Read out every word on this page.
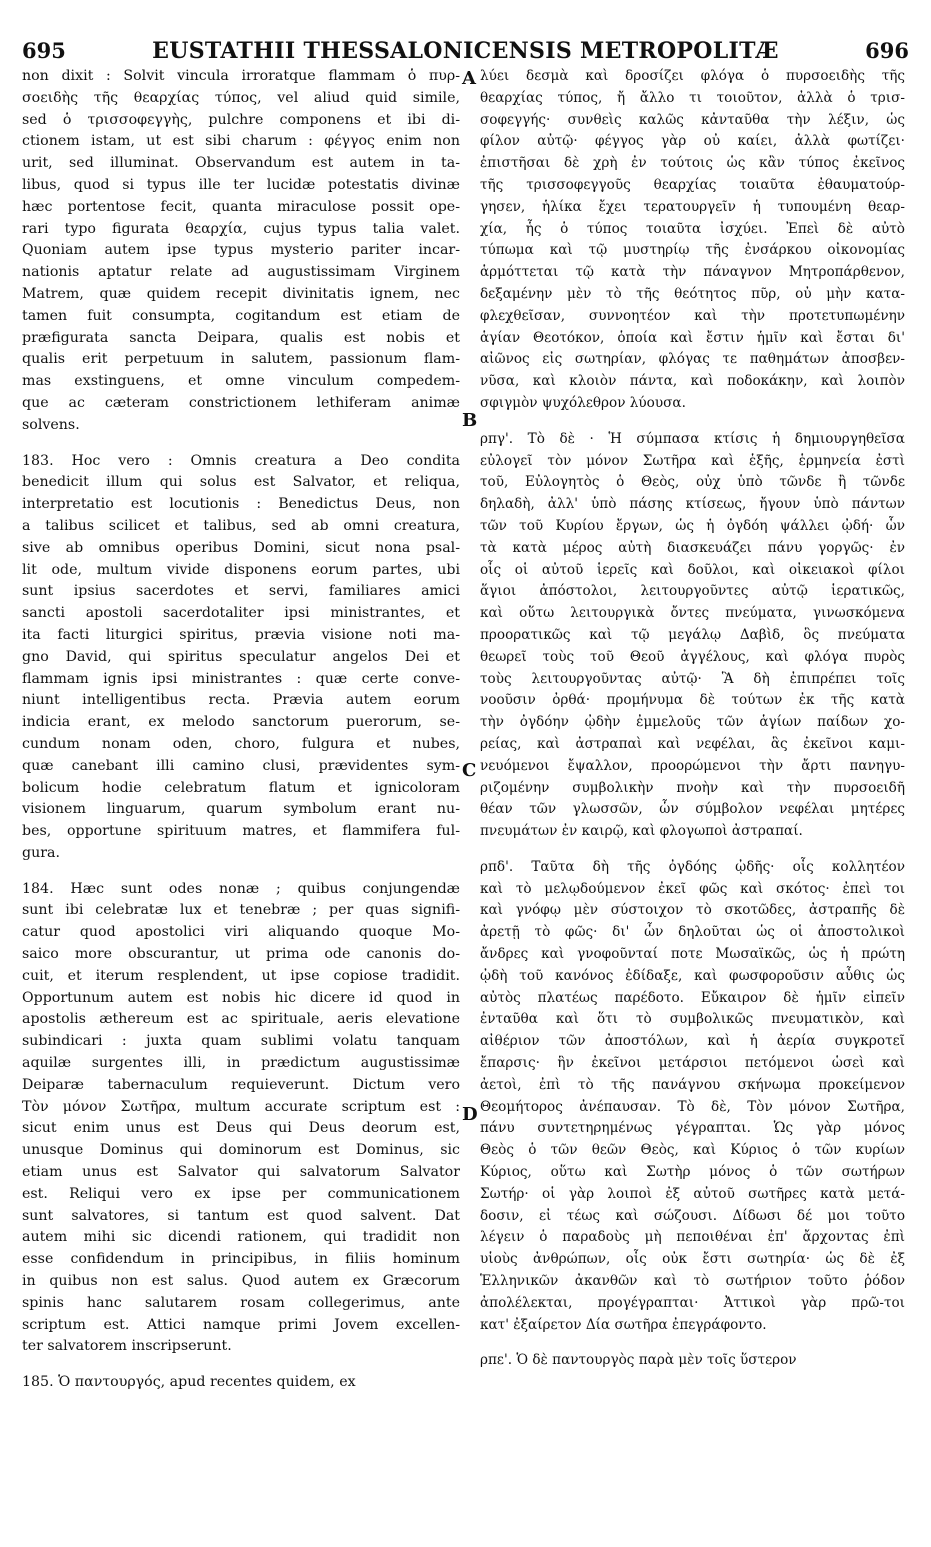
695	EUSTATHII THESSALONICENSIS METROPOLITÆ	696
non dixit : Solvit vincula irroratque flammam ὁ πυρ-
σοειδὴς τῆς θεαρχίας τύπος, vel aliud quid simile,
sed ὁ τρισσοφεγγὴς, pulchre componens et ibi di-
ctionem istam, ut est sibi charum : φέγγος enim non
urit, sed illuminat. Observandum est autem in ta-
libus, quod si typus ille ter lucidæ potestatis divinæ
hæc portentose fecit, quanta miraculose possit ope-
rari typo figurata θεαρχία, cujus typus talia valet.
Quoniam autem ipse typus mysterio pariter incar-
nationis aptatur relate ad augustissimam Virginem
Matrem, quæ quidem recepit divinitatis ignem, nec
tamen fuit consumpta, cogitandum est etiam de
præfigurata sancta Deipara, qualis est nobis et
qualis erit perpetuum in salutem, passionum flam-
mas exstinguens, et omne vinculum compedem-
que ac cæteram constrictionem lethiferam animæ
solvens.
183. Hoc vero : Omnis creatura a Deo condita
benedicit illum qui solus est Salvator, et reliqua,
interpretatio est locutionis : Benedictus Deus, non
a talibus scilicet et talibus, sed ab omni creatura,
sive ab omnibus operibus Domini, sicut nona psal-
lit ode, multum vivide disponens eorum partes, ubi
sunt ipsius sacerdotes et servi, familiares amici
sancti apostoli sacerdotaliter ipsi ministrantes, et
ita facti liturgici spiritus, prævia visione noti ma-
gno David, qui spiritus speculatur angelos Dei et
flammam ignis ipsi ministrantes : quæ certe conve-
niunt intelligentibus recta. Prævia autem eorum
indicia erant, ex melodo sanctorum puerorum, se-
cundum nonam oden, choro, fulgura et nubes,
quæ canebant illi camino clusi, prævidentes sym-
bolicum hodie celebratum flatum et ignicoloram
visionem linguarum, quarum symbolum erant nu-
bes, opportune spirituum matres, et flammifera ful-
gura.
184. Hæc sunt odes nonæ ; quibus conjungendæ
sunt ibi celebratæ lux et tenebræ ; per quas signifi-
catur quod apostolici viri aliquando quoque Mo-
saico more obscurantur, ut prima ode canonis do-
cuit, et iterum resplendent, ut ipse copiose tradidit.
Opportunum autem est nobis hic dicere id quod in
apostolis æthereum est ac spirituale, aeris elevatione
subindicari : juxta quam sublimi volatu tanquam
aquilæ surgentes illi, in prædictum augustissimæ
Deiparæ tabernaculum requieverunt. Dictum vero
Τὸν μόνον Σωτῆρα, multum accurate scriptum est :
sicut enim unus est Deus qui Deus deorum est,
unusque Dominus qui dominorum est Dominus, sic
etiam unus est Salvator qui salvatorum Salvator
est. Reliqui vero ex ipse per communicationem
sunt salvatores, si tantum est quod salvent. Dat
autem mihi sic dicendi rationem, qui tradidit non
esse confidendum in principibus, in filiis hominum
in quibus non est salus. Quod autem ex Græcorum
spinis hanc salutarem rosam collegerimus, ante
scriptum est. Attici namque primi Jovem excellen-
ter salvatorem inscripserunt.
185. Ὁ παντουργός, apud recentes quidem, ex
λύει δεσμὰ καὶ δροσίζει φλόγα ὁ πυρσοειδὴς τῆς
θεαρχίας τύπος, ἤ ἄλλο τι τοιοῦτον, ἀλλὰ ὁ τρισ-
σοφεγγής· συνθεὶς καλῶς κἀνταῦθα τὴν λέξιν, ὡς
φίλον αὐτῷ· φέγγος γὰρ οὐ καίει, ἀλλὰ φωτίζει·
ἐπιστῆσαι δὲ χρὴ ἐν τούτοις ὡς κἂν τύπος ἐκεῖνος
τῆς τρισσοφεγγοῦς θεαρχίας τοιαῦτα ἐθαυματούρ-
γησεν, ἡλίκα ἔχει τερατουργεῖν ἡ τυπουμένη θεαρ-
χία, ἧς ὁ τύπος τοιαῦτα ἰσχύει. Ἐπεὶ δὲ αὐτὸ
τύπωμα καὶ τῷ μυστηρίῳ τῆς ἐνσάρκου οἰκονομίας
ἁρμόττεται τῷ κατὰ τὴν πάναγνον Μητροπάρθενον,
δεξαμένην μὲν τὸ τῆς θεότητος πῦρ, οὐ μὴν κατα-
φλεχθεῖσαν, συννοητέον καὶ τὴν προτετυπωμένην
ἁγίαν Θεοτόκον, ὁποία καὶ ἔστιν ἡμῖν καὶ ἔσται δι'
αἰῶνος εἰς σωτηρίαν, φλόγας τε παθημάτων ἀποσβεν-
νῦσα, καὶ κλοιὸν πάντα, καὶ ποδοκάκην, καὶ λοιπὸν
σφιγμὸν ψυχόλεθρον λύουσα.
ρπγ'. Τὸ δὲ · Ἡ σύμπασα κτίσις ἡ δημιουργηθεῖσα
εὐλογεῖ τὸν μόνον Σωτῆρα καὶ ἑξῆς, ἑρμηνεία ἐστὶ
τοῦ, Εὐλογητὸς ὁ Θεὸς, οὐχ ὑπὸ τῶνδε ἢ τῶνδε
δηλαδὴ, ἀλλ' ὑπὸ πάσης κτίσεως, ἤγουν ὑπὸ πάντων
τῶν τοῦ Κυρίου ἔργων, ὡς ἡ ὀγδόη ψάλλει ᾠδή· ὧν
τὰ κατὰ μέρος αὐτὴ διασκευάζει πάνυ γοργῶς· ἐν
οἷς οἱ αὐτοῦ ἱερεῖς καὶ δοῦλοι, καὶ οἰκειακοὶ φίλοι
ἅγιοι ἀπόστολοι, λειτουργοῦντες αὐτῷ ἱερατικῶς,
καὶ οὕτω λειτουργικὰ ὄντες πνεύματα, γινωσκόμενα
προορατικῶς καὶ τῷ μεγάλῳ Δαβὶδ, ὃς πνεύματα
θεωρεῖ τοὺς τοῦ Θεοῦ ἀγγέλους, καὶ φλόγα πυρὸς
τοὺς λειτουργοῦντας αὐτῷ· Ἃ δὴ ἐπιπρέπει τοῖς
νοοῦσιν ὀρθά· προμήνυμα δὲ τούτων ἐκ τῆς κατὰ
τὴν ὀγδόην ᾠδὴν ἐμμελοῦς τῶν ἁγίων παίδων χο-
ρείας, καὶ ἀστραπαὶ καὶ νεφέλαι, ἃς ἐκεῖνοι καμι-
νευόμενοι ἔψαλλον, προορώμενοι τὴν ἄρτι πανηγυ-
ριζομένην συμβολικὴν πνοὴν καὶ τὴν πυρσοειδῆ
θέαν τῶν γλωσσῶν, ὧν σύμβολον νεφέλαι μητέρες
πνευμάτων ἐν καιρῷ, καὶ φλογωποὶ ἀστραπαί.
ρπδ'. Ταῦτα δὴ τῆς ὀγδόης ᾠδῆς· οἷς κολλητέον
καὶ τὸ μελῳδούμενον ἐκεῖ φῶς καὶ σκότος· ἐπεὶ τοι
καὶ γνόφῳ μὲν σύστοιχον τὸ σκοτῶδες, ἀστραπῆς δὲ
ἀρετῇ τὸ φῶς· δι' ὧν δηλοῦται ὡς οἱ ἀποστολικοὶ
ἄνδρες καὶ γνοφοῦνταί ποτε Μωσαϊκῶς, ὡς ἡ πρώτη
ᾠδὴ τοῦ κανόνος ἐδίδαξε, καὶ φωσφοροῦσιν αὖθις ὡς
αὐτὸς πλατέως παρέδοτο. Εὔκαιρον δὲ ἡμῖν εἰπεῖν
ἐνταῦθα καὶ ὅτι τὸ συμβολικῶς πνευματικὸν, καὶ
αἰθέριον τῶν ἀποστόλων, καὶ ἡ ἀερία συγκροτεῖ
ἔπαρσις· ἣν ἐκεῖνοι μετάρσιοι πετόμενοι ὡσεὶ καὶ
ἀετοὶ, ἐπὶ τὸ τῆς πανάγνου σκήνωμα προκείμενον
Θεομήτορος ἀνέπαυσαν. Τὸ δὲ, Τὸν μόνον Σωτῆρα,
πάνυ συντετηρημένως γέγραπται. Ὡς γὰρ μόνος
Θεὸς ὁ τῶν θεῶν Θεὸς, καὶ Κύριος ὁ τῶν κυρίων
Κύριος, οὕτω καὶ Σωτὴρ μόνος ὁ τῶν σωτήρων
Σωτήρ· οἱ γὰρ λοιποὶ ἐξ αὐτοῦ σωτῆρες κατὰ μετά-
δοσιν, εἰ τέως καὶ σώζουσι. Δίδωσι δέ μοι τοῦτο
λέγειν ὁ παραδοὺς μὴ πεποιθέναι ἐπ' ἄρχοντας ἐπὶ
υἱοὺς ἀνθρώπων, οἷς οὐκ ἔστι σωτηρία· ὡς δὲ ἐξ
Ἑλληνικῶν ἀκανθῶν καὶ τὸ σωτήριον τοῦτο ῥόδον
ἀπολέλεκται, προγέγραπται· Ἀττικοὶ γὰρ πρῶ-τοι
κατ' ἐξαίρετον Δία σωτῆρα ἐπεγράφοντο.
ρπε'. Ὁ δὲ παντουργὸς παρὰ μὲν τοῖς ὕστερον
A
B
C
D
